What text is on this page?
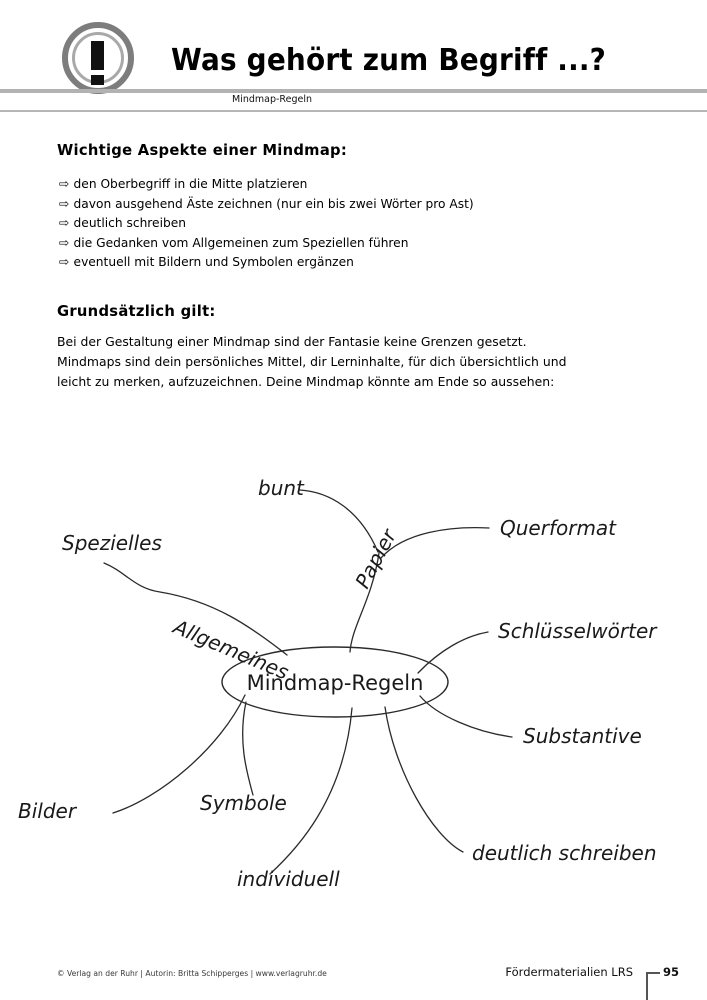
Was gehört zum Begriff ...?
Mindmap-Regeln
Wichtige Aspekte einer Mindmap:
⇨ den Oberbegriff in die Mitte platzieren
⇨ davon ausgehend Äste zeichnen (nur ein bis zwei Wörter pro Ast)
⇨ deutlich schreiben
⇨ die Gedanken vom Allgemeinen zum Speziellen führen
⇨ eventuell mit Bildern und Symbolen ergänzen
Grundsätzlich gilt:
Bei der Gestaltung einer Mindmap sind der Fantasie keine Grenzen gesetzt.
Mindmaps sind dein persönliches Mittel, dir Lerninhalte, für dich übersichtlich und
leicht zu merken, aufzuzeichnen. Deine Mindmap könnte am Ende so aussehen:
Mindmap-Regeln
bunt
Querformat
Papier
Spezielles
Allgemeines	Schlüsselwörter
Substantive
deutlich schreiben
individuell
Symbole
Bilder
© Verlag an der Ruhr | Autorin: Britta Schipperges | www.verlagruhr.de	Fördermaterialien LRS	95
